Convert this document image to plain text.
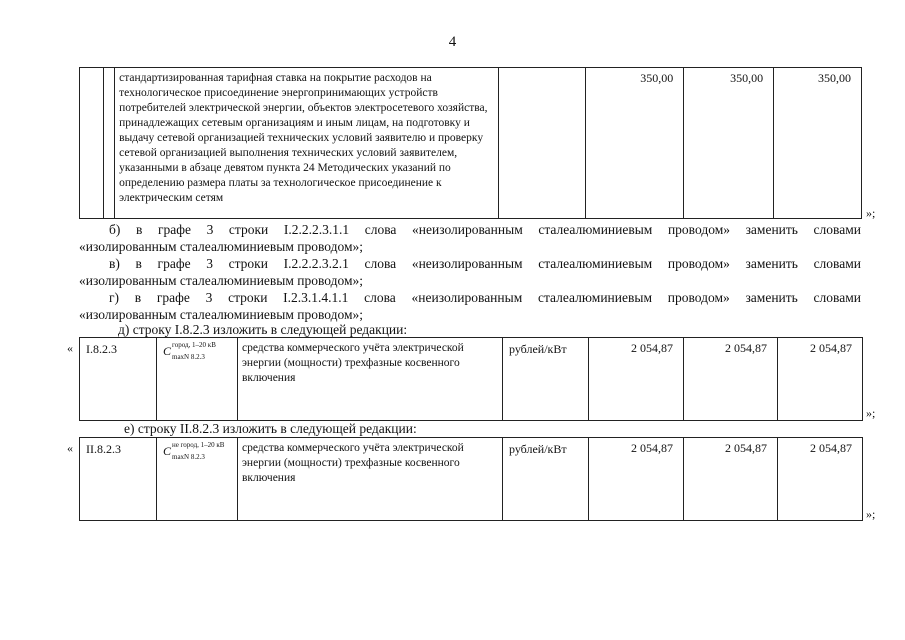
4
		стандартизированная тарифная ставка на покрытие расходов на технологическое присоединение энергопринимающих устройств потребителей электрической энергии, объектов электросетевого хозяйства, принадлежащих сетевым организациям и иным лицам, на подготовку и выдачу сетевой организацией технических условий заявителю и проверку сетевой организацией выполнения технических условий заявителем, указанными в абзаце девятом пункта 24 Методических указаний по определению размера платы за технологическое присоединение к электрическим сетям		350,00	350,00	350,00
»;
б) в графе 3 строки I.2.2.2.3.1.1 слова «неизолированным сталеалюминиевым проводом» заменить словами
«изолированным сталеалюминиевым проводом»;
в) в графе 3 строки I.2.2.2.3.2.1 слова «неизолированным сталеалюминиевым проводом» заменить словами
«изолированным сталеалюминиевым проводом»;
г) в графе 3 строки I.2.3.1.4.1.1 слова «неизолированным сталеалюминиевым проводом» заменить словами
«изолированным сталеалюминиевым проводом»;
д) строку I.8.2.3 изложить в следующей редакции:
« I.8.2.3	C город, 1–20 кВ
maxN 8.2.3
	средства коммерческого учёта электрической энергии (мощности) трехфазные косвенного включения	рублей/кВт	2 054,87	2 054,87	2 054,87
»;
е) строку II.8.2.3 изложить в следующей редакции:
« II.8.2.3	C не город, 1–20 кВ
maxN 8.2.3
	средства коммерческого учёта электрической энергии (мощности) трехфазные косвенного включения	рублей/кВт	2 054,87	2 054,87	2 054,87
»;
